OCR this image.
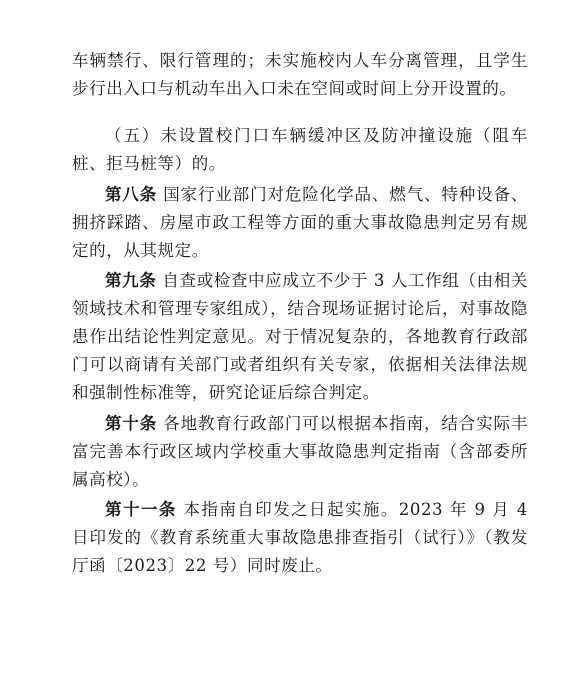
车辆禁行、限行管理的；未实施校内人车分离管理，且学生步行出入口与机动车出入口未在空间或时间上分开设置的。

（五）未设置校门口车辆缓冲区及防冲撞设施（阻车桩、拒马桩等）的。

第八条 国家行业部门对危险化学品、燃气、特种设备、拥挤踩踏、房屋市政工程等方面的重大事故隐患判定另有规定的，从其规定。

第九条 自查或检查中应成立不少于 3 人工作组（由相关领域技术和管理专家组成），结合现场证据讨论后，对事故隐患作出结论性判定意见。对于情况复杂的，各地教育行政部门可以商请有关部门或者组织有关专家，依据相关法律法规和强制性标准等，研究论证后综合判定。

第十条 各地教育行政部门可以根据本指南，结合实际丰富完善本行政区域内学校重大事故隐患判定指南（含部委所属高校）。

第十一条 本指南自印发之日起实施。2023 年 9 月 4 日印发的《教育系统重大事故隐患排查指引（试行）》（教发厅函〔2023〕22 号）同时废止。
